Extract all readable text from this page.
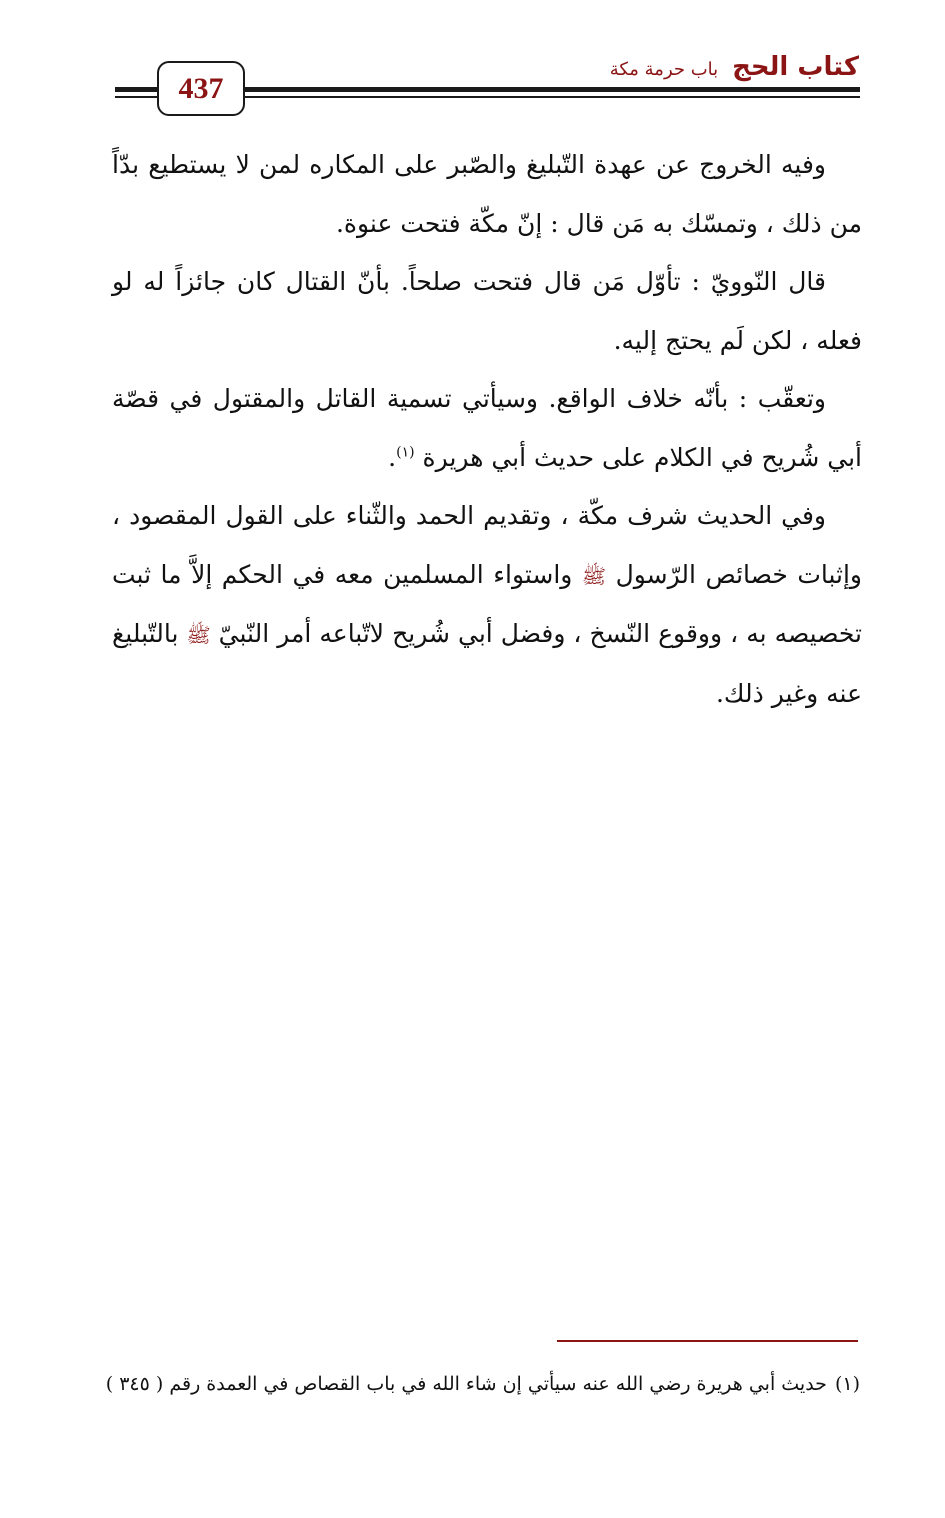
437
كتاب الحج
باب حرمة مكة

وفيه الخروج عن عهدة التّبليغ والصّبر على المكاره لمن لا يستطيع بدّاً من ذلك ، وتمسّك به مَن قال : إنّ مكّة فتحت عنوة.

قال النّوويّ : تأوّل مَن قال فتحت صلحاً. بأنّ القتال كان جائزاً له لو فعله ، لكن لَم يحتج إليه.

وتعقّب : بأنّه خلاف الواقع. وسيأتي تسمية القاتل والمقتول في قصّة أبي شُريح في الكلام على حديث أبي هريرة $^{(١)}$.

وفي الحديث شرف مكّة ، وتقديم الحمد والثّناء على القول المقصود ، وإثبات خصائص الرّسول ﷺ واستواء المسلمين معه في الحكم إلاَّ ما ثبت تخصيصه به ، ووقوع النّسخ ، وفضل أبي شُريح لاتّباعه أمر النّبيّ ﷺ بالتّبليغ عنه وغير ذلك.

(١)حديث أبي هريرة رضي الله عنه سيأتي إن شاء الله في باب القصاص في العمدة رقم ( ٣٤٥ )
